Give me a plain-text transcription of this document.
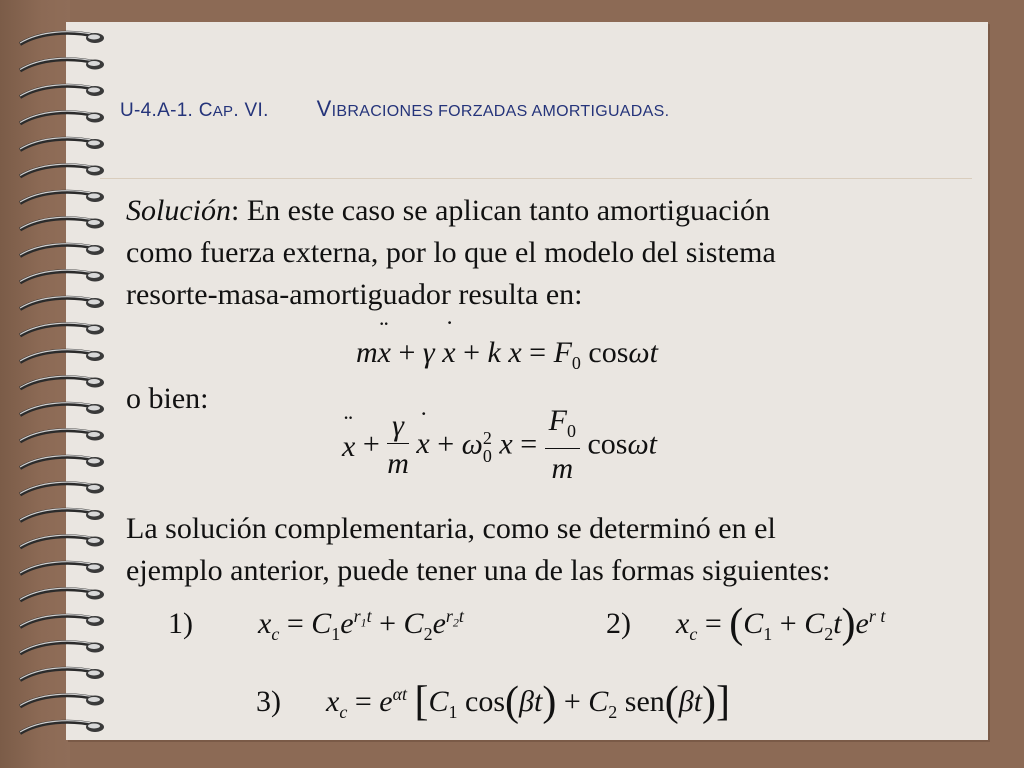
U-4.A-1. CAP. VI. VIBRACIONES FORZADAS AMORTIGUADAS.
Solución: En este caso se aplican tanto amortiguación
como fuerza externa, por lo que el modelo del sistema
resorte-masa-amortiguador resulta en:
m¨ x + γ ˙ x + k $x = F_0$ cosωt
o bien:
¨ $x + \frac{\gamma}{m}$ ˙ x + ω2
0 $x = \frac{F_0}{m}$ cosωt
La solución complementaria, como se determinó en el
ejemplo anterior, puede tener una de las formas siguientes:
1) $x_c = C_1e^{r_1t} + C_2e^{r_2t}$	2) $x_c = (C_1 + C_2t)e^{r t}$
3) $x_c = e^{\alpha t}$ [$C_1$ $\cos(\beta t) + C_2$ sen(βt)]
